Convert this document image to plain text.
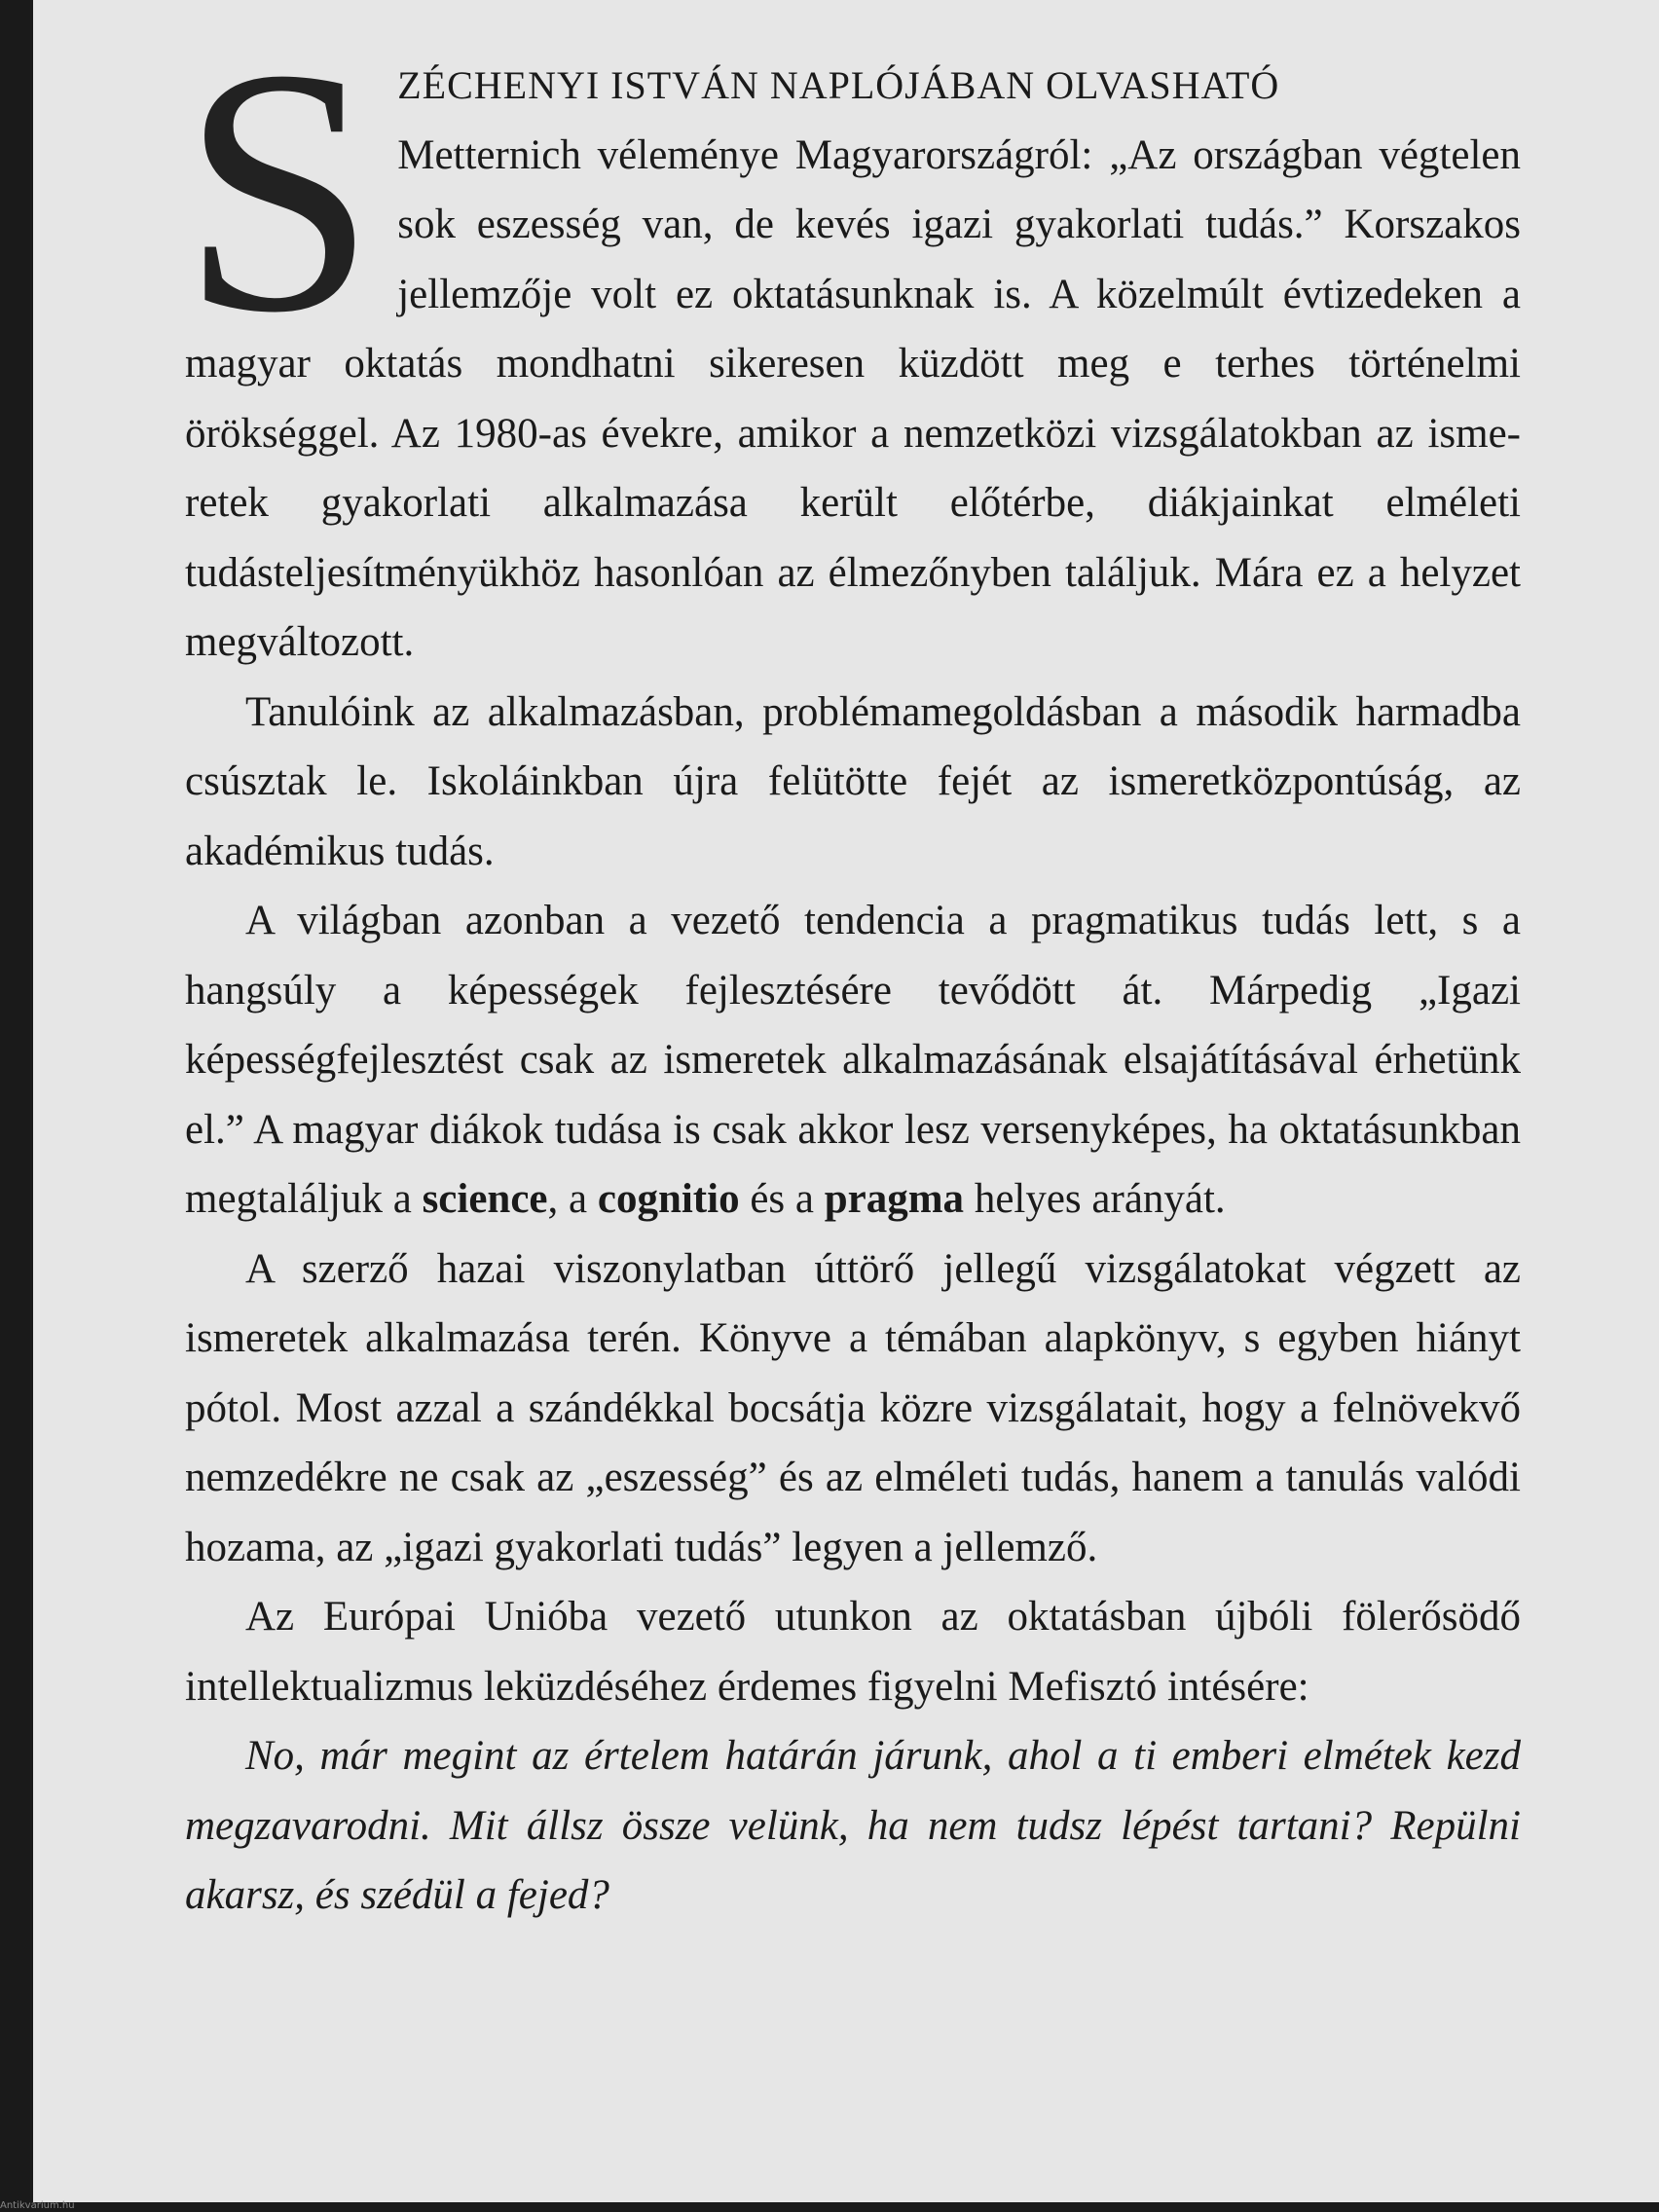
S ZÉCHENYI ISTVÁN NAPLÓJÁBAN OLVASHATÓ
Metternich véleménye Magyarországról: „Az országban végtelen sok eszesség van, de kevés igazi gyakorlati tudás.” Korszakos jellemzője volt ez oktatásunknak is. A közelmúlt évtizedeken a magyar oktatás mondhatni sikeresen küzdött meg e terhes történelmi örökséggel. Az 1980-as évekre, amikor a nemzetközi vizsgálatokban az ismeretek gyakorlati alkalmazása került előtérbe, diákjainkat elméleti tudásteljesítményükhöz hasonlóan az élmezőnyben találjuk. Mára ez a helyzet megváltozott.

Tanulóink az alkalmazásban, problémamegoldásban a második harmadba csúsztak le. Iskoláinkban újra felütötte fejét az ismeretközpontúság, az akadémikus tudás.

A világban azonban a vezető tendencia a pragmatikus tudás lett, s a hangsúly a képességek fejlesztésére tevődött át. Márpedig „Igazi képességfejlesztést csak az ismeretek alkalmazásának elsajátításával érhetünk el.” A magyar diákok tudása is csak akkor lesz versenyképes, ha oktatásunkban megtaláljuk a science, a cognitio és a pragma helyes arányát.

A szerző hazai viszonylatban úttörő jellegű vizsgálatokat végzett az ismeretek alkalmazása terén. Könyve a témában alapkönyv, s egyben hiányt pótol. Most azzal a szándékkal bocsátja közre vizsgálatait, hogy a felnövekvő nemzedékre ne csak az „eszesség” és az elméleti tudás, hanem a tanulás valódi hozama, az „igazi gyakorlati tudás” legyen a jellemző.

Az Európai Unióba vezető utunkon az oktatásban újbóli fölerősödő intellektualizmus leküzdéséhez érdemes figyelni Mefisztó intésére:

No, már megint az értelem határán járunk, ahol a ti emberi elmétek kezd megzavarodni. Mit állsz össze velünk, ha nem tudsz lépést tartani? Repülni akarsz, és szédül a fejed?

Antikvarium.hu
